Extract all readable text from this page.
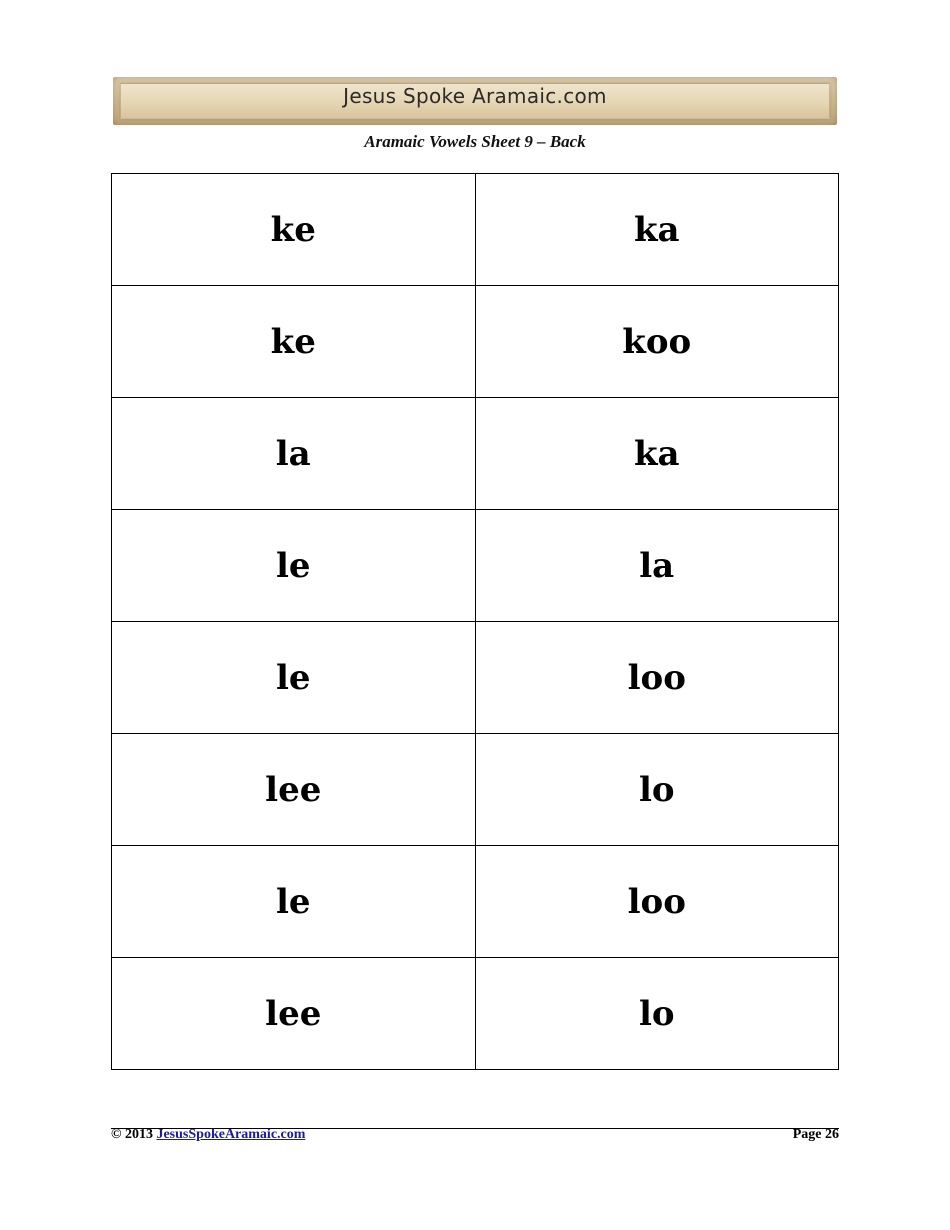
Jesus Spoke Aramaic.com
Aramaic Vowels Sheet 9 – Back
ke	ka
ke	koo
la	ka
le	la
le	loo
lee	lo
le	loo
lee	lo
© 2013 JesusSpokeAramaic.com	Page 26
